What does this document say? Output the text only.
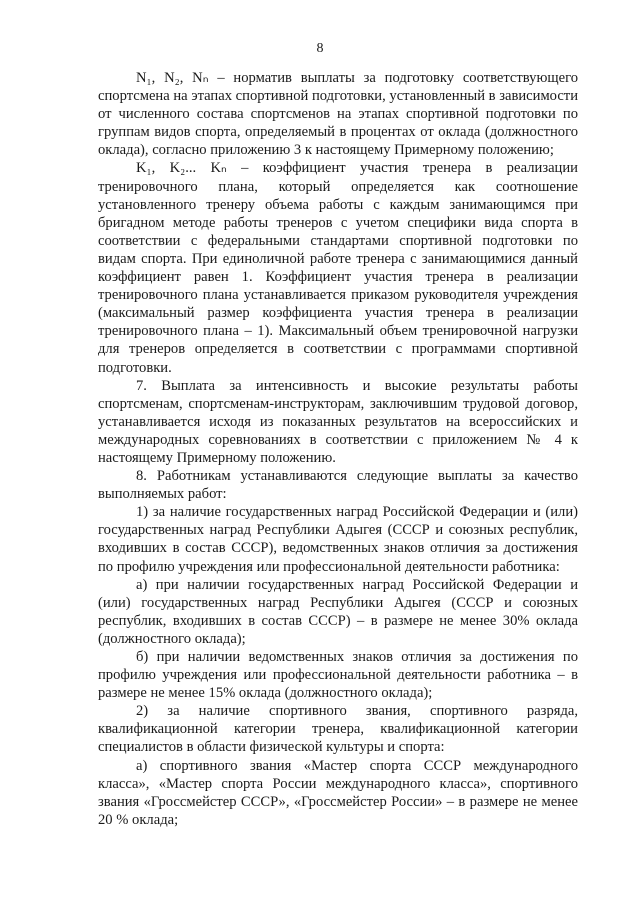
8

N₁, N₂, Nₙ – норматив выплаты за подготовку соответствующего спортсмена на этапах спортивной подготовки, установленный в зависимости от численного состава спортсменов на этапах спортивной подготовки по группам видов спорта, определяемый в процентах от оклада (должностного оклада), согласно приложению 3 к настоящему Примерному положению;

K₁, K₂... Kₙ – коэффициент участия тренера в реализации тренировочного плана, который определяется как соотношение установленного тренеру объема работы с каждым занимающимся при бригадном методе работы тренеров с учетом специфики вида спорта в соответствии с федеральными стандартами спортивной подготовки по видам спорта. При единоличной работе тренера с занимающимися данный коэффициент равен 1. Коэффициент участия тренера в реализации тренировочного плана устанавливается приказом руководителя учреждения (максимальный размер коэффициента участия тренера в реализации тренировочного плана – 1). Максимальный объем тренировочной нагрузки для тренеров определяется в соответствии с программами спортивной подготовки.

7. Выплата за интенсивность и высокие результаты работы спортсменам, спортсменам-инструкторам, заключившим трудовой договор, устанавливается исходя из показанных результатов на всероссийских и международных соревнованиях в соответствии с приложением № 4 к настоящему Примерному положению.

8. Работникам устанавливаются следующие выплаты за качество выполняемых работ:

1) за наличие государственных наград Российской Федерации и (или) государственных наград Республики Адыгея (СССР и союзных республик, входивших в состав СССР), ведомственных знаков отличия за достижения по профилю учреждения или профессиональной деятельности работника:

а) при наличии государственных наград Российской Федерации и (или) государственных наград Республики Адыгея (СССР и союзных республик, входивших в состав СССР) – в размере не менее 30% оклада (должностного оклада);

б) при наличии ведомственных знаков отличия за достижения по профилю учреждения или профессиональной деятельности работника – в размере не менее 15% оклада (должностного оклада);

2) за наличие спортивного звания, спортивного разряда, квалификационной категории тренера, квалификационной категории специалистов в области физической культуры и спорта:

а) спортивного звания «Мастер спорта СССР международного класса», «Мастер спорта России международного класса», спортивного звания «Гроссмейстер СССР», «Гроссмейстер России» – в размере не менее 20 % оклада;
